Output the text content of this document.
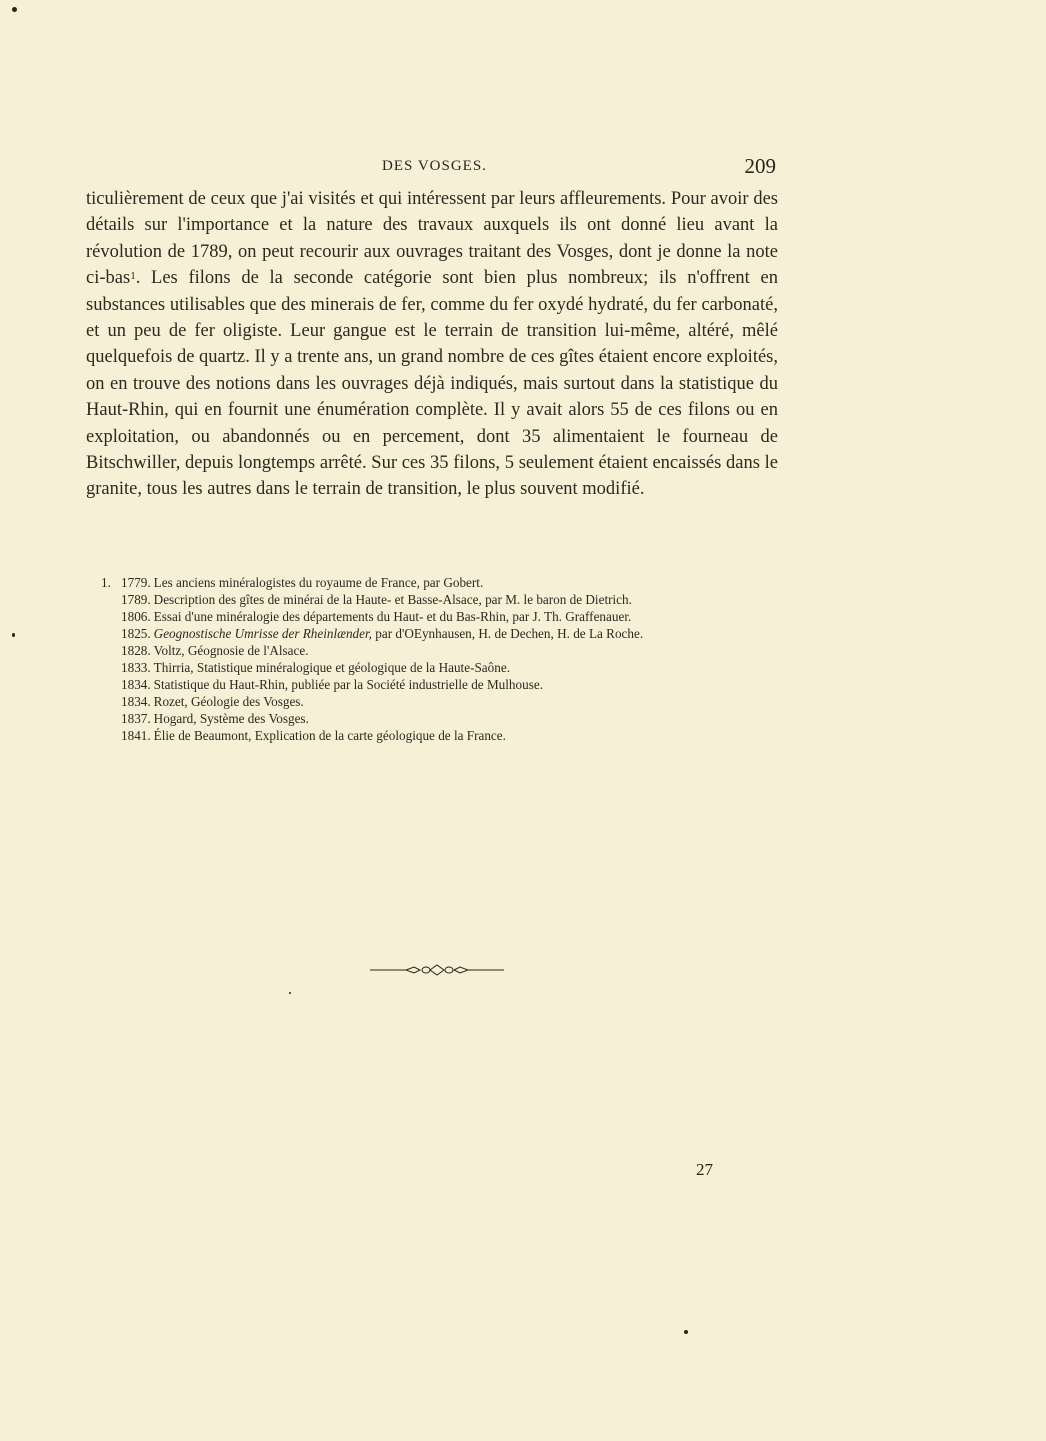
DES VOSGES.	209
ticulièrement de ceux que j'ai visités et qui intéressent par leurs affleurements. Pour avoir des détails sur l'importance et la nature des travaux auxquels ils ont donné lieu avant la révolution de 1789, on peut recourir aux ouvrages traitant des Vosges, dont je donne la note ci-bas$^1$. Les filons de la seconde catégorie sont bien plus nombreux; ils n'offrent en substances utilisables que des minerais de fer, comme du fer oxydé hydraté, du fer carbonaté, et un peu de fer oligiste. Leur gangue est le terrain de transition lui-même, altéré, mêlé quelquefois de quartz. Il y a trente ans, un grand nombre de ces gîtes étaient encore exploités, on en trouve des notions dans les ouvrages déjà indiqués, mais surtout dans la statistique du Haut-Rhin, qui en fournit une énumération complète. Il y avait alors 55 de ces filons ou en exploitation, ou abandonnés ou en percement, dont 35 alimentaient le fourneau de Bitschwiller, depuis longtemps arrêté. Sur ces 35 filons, 5 seulement étaient encaissés dans le granite, tous les autres dans le terrain de transition, le plus souvent modifié.
1. 1779. Les anciens minéralogistes du royaume de France, par Gobert.
1789. Description des gîtes de minérai de la Haute- et Basse-Alsace, par M. le baron de Dietrich.
1806. Essai d'une minéralogie des départements du Haut- et du Bas-Rhin, par J. Th. Graffenauer.
1825. Geognostische Umrisse der Rheinlænder, par d'OEynhausen, H. de Dechen, H. de La Roche.
1828. Voltz, Géognosie de l'Alsace.
1833. Thirria, Statistique minéralogique et géologique de la Haute-Saône.
1834. Statistique du Haut-Rhin, publiée par la Société industrielle de Mulhouse.
1834. Rozet, Géologie des Vosges.
1837. Hogard, Système des Vosges.
1841. Élie de Beaumont, Explication de la carte géologique de la France.
27
